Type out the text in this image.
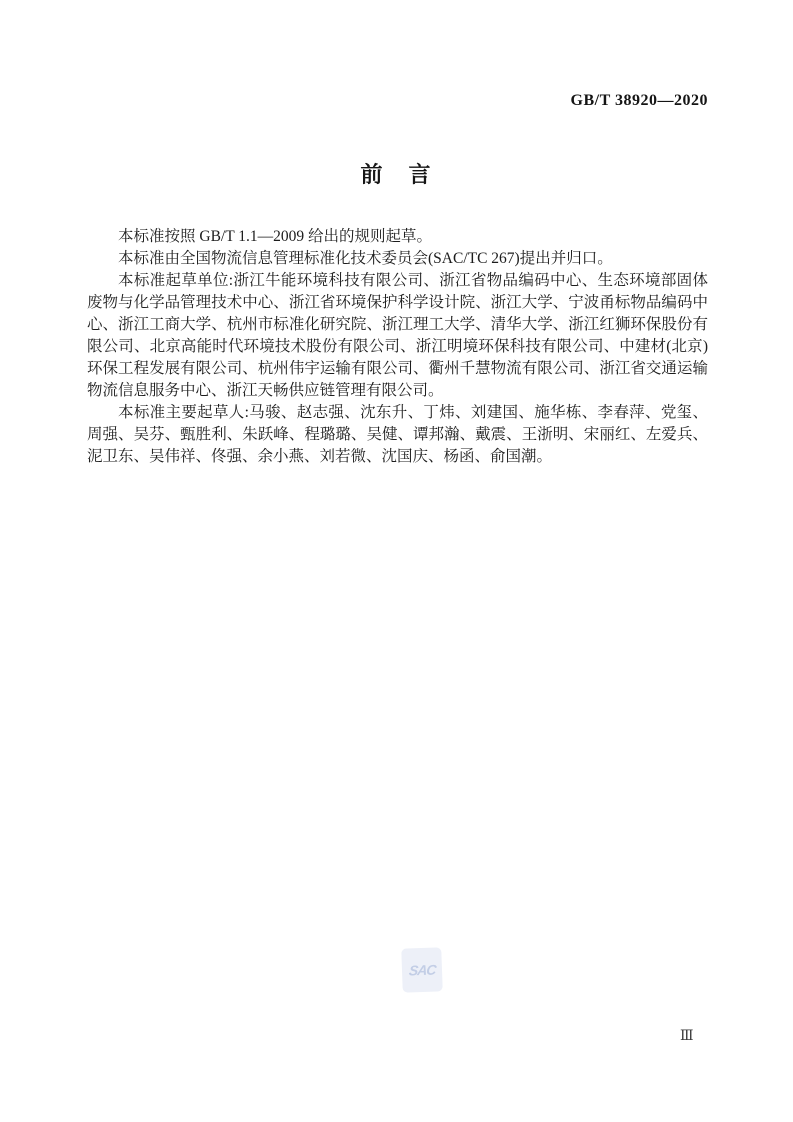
GB/T 38920—2020
前　言

本标准按照 GB/T 1.1—2009 给出的规则起草。

本标准由全国物流信息管理标准化技术委员会(SAC/TC 267)提出并归口。

本标准起草单位:浙江牛能环境科技有限公司、浙江省物品编码中心、生态环境部固体废物与化学品管理技术中心、浙江省环境保护科学设计院、浙江大学、宁波甬标物品编码中心、浙江工商大学、杭州市标准化研究院、浙江理工大学、清华大学、浙江红狮环保股份有限公司、北京高能时代环境技术股份有限公司、浙江明境环保科技有限公司、中建材(北京)环保工程发展有限公司、杭州伟宇运输有限公司、衢州千慧物流有限公司、浙江省交通运输物流信息服务中心、浙江天畅供应链管理有限公司。

本标准主要起草人:马骏、赵志强、沈东升、丁炜、刘建国、施华栋、李春萍、党玺、周强、吴芬、甄胜利、朱跃峰、程璐璐、吴健、谭邦瀚、戴震、王浙明、宋丽红、左爱兵、泥卫东、吴伟祥、佟强、余小燕、刘若微、沈国庆、杨函、俞国潮。

SAC
Ⅲ
